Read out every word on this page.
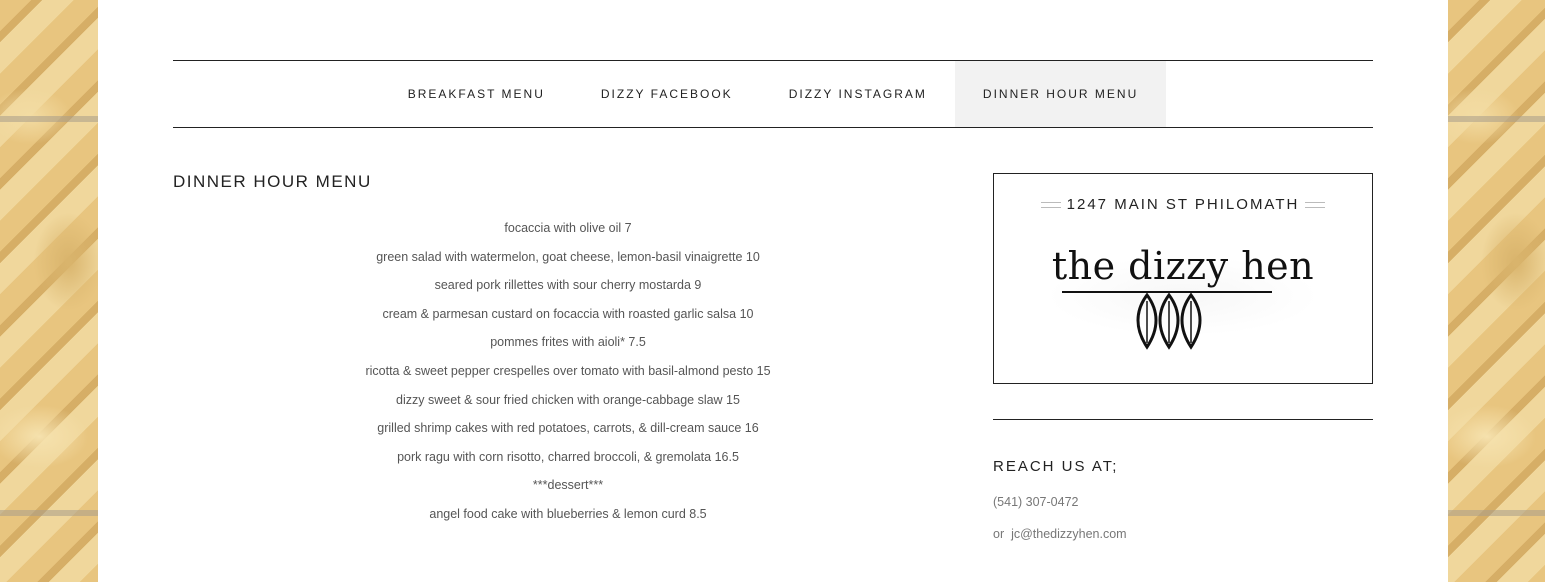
BREAKFAST MENU	DIZZY FACEBOOK	DIZZY INSTAGRAM	DINNER HOUR MENU
DINNER HOUR MENU
focaccia with olive oil 7
green salad with watermelon, goat cheese, lemon-basil vinaigrette 10
seared pork rillettes with sour cherry mostarda 9
cream & parmesan custard on focaccia with roasted garlic salsa 10
pommes frites with aioli* 7.5
ricotta & sweet pepper crespelles over tomato with basil-almond pesto 15
dizzy sweet & sour fried chicken with orange-cabbage slaw 15
grilled shrimp cakes with red potatoes, carrots, & dill-cream sauce 16
pork ragu with corn risotto, charred broccoli, & gremolata 16.5
***dessert***
angel food cake with blueberries & lemon curd 8.5
1247 MAIN ST PHILOMATH
the dizzy hen
REACH US AT;
(541) 307-0472
or jc@thedizzyhen.com
